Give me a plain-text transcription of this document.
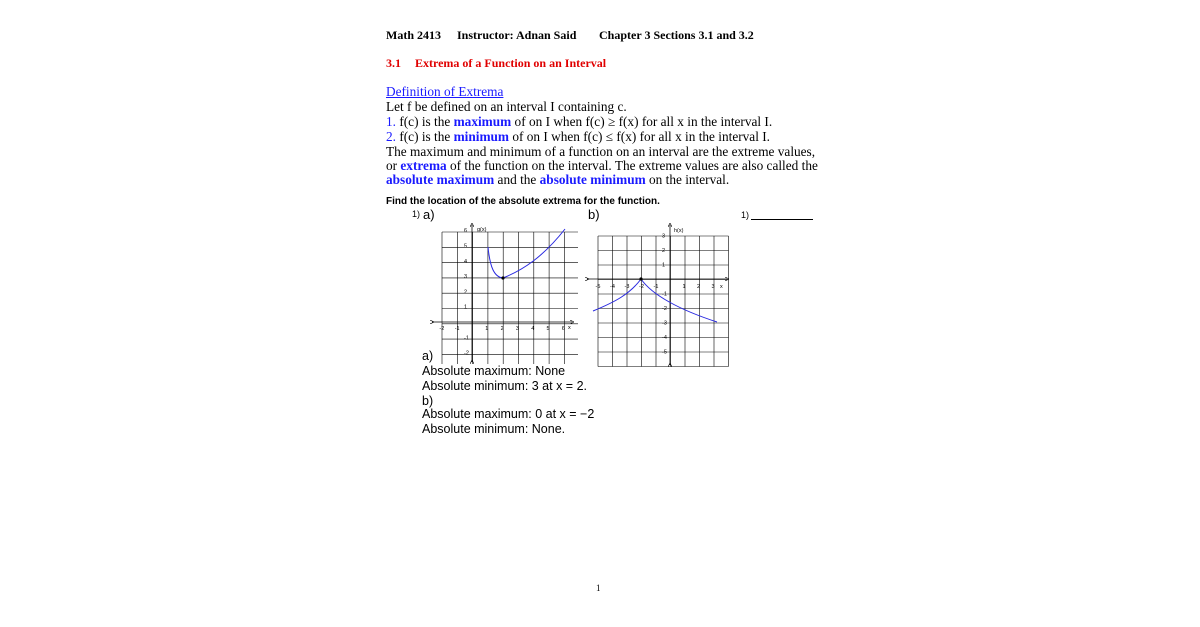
Math 2413 Instructor: Adnan Said Chapter 3 Sections 3.1 and 3.2
3.1 Extrema of a Function on an Interval
Definition of Extrema
Let f be defined on an interval I containing c.
1. f(c) is the maximum of on I when f(c) ≥ f(x) for all x in the interval I.
2. f(c) is the minimum of on I when f(c) ≤ f(x) for all x in the interval I.
The maximum and minimum of a function on an interval are the extreme values,
or extrema of the function on the interval. The extreme values are also called the
absolute maximum and the absolute minimum on the interval.
Find the location of the absolute extrema for the function.
1) a)	b)	1)
g(x)
x
-2 -1	1 2 3 4 5 6
6
5
4
3
2
1
-1
-2
h(x)
x
-5 -4 -3 -2 -1	1 2 3
3
2
1
-1
-2
-3
-4
-5
a)
Absolute maximum: None
Absolute minimum: 3 at x = 2.
b)
Absolute maximum: 0 at x = −2
Absolute minimum: None.
1
